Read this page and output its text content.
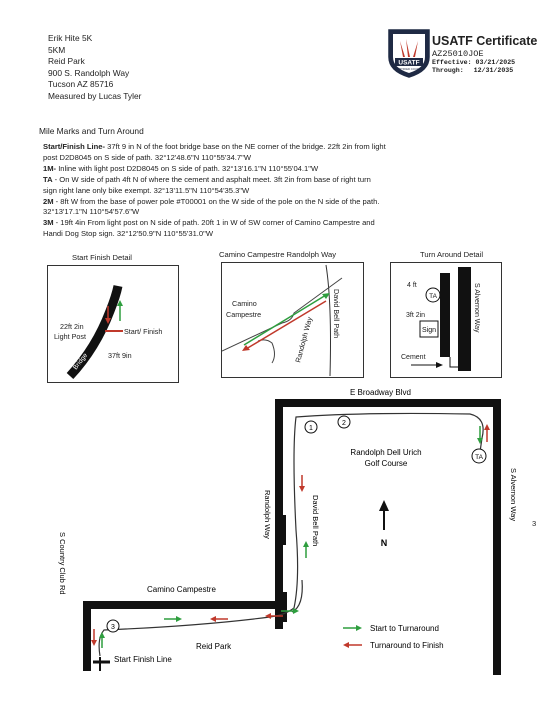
Erik Hite 5K
5KM
Reid Park
900 S. Randolph Way
Tucson AZ 85716
Measured by Lucas Tyler
USATF
CERTIFIED COURSE
USATF Certificate
AZ25010JOE
Effective: 03/21/2025
Through: 12/31/2035
Mile Marks and Turn Around

Start/Finish Line- 37ft 9 in N of the foot bridge base on the NE corner of the bridge. 22ft 2in from light post D2D8045 on S side of path. 32°12'48.6"N 110°55'34.7"W

1M- Inline with light post D2D8045 on S side of path. 32°13'16.1"N 110°55'04.1"W

TA - On W side of path 4ft N of where the cement and asphalt meet. 3ft 2in from base of right turn sign right lane only bike exempt. 32°13'11.5"N 110°54'35.3"W

2M - 8ft W from the base of power pole #T00001 on the W side of the pole on the N side of the path. 32°13'17.1"N 110°54'57.6"W

3M - 19ft 4in From light post on N side of path. 20ft 1 in W of SW corner of Camino Campestre and Handi Dog Stop sign. 32°12'50.9"N 110°55'31.0"W

Start Finish Detail	Camino Campestre Randolph Way	Turn Around Detail
22ft 2in
Light Post
Start/ Finish
37ft 9in
Bridge
Camino
Campestre
Randolph Way
David Bell Path	TA
Sign
4 ft
3ft 2in
Cement
S Alvernon Way
1
2
3
TA
N
E Broadway Blvd
Randolph Dell Urich
Golf Course
S Alvernon Way
Randolph Way	David Bell Path
S Country Club Rd	Camino Campestre
Reid Park
Start Finish Line
Start to Turnaround
Turnaround to Finish
3
